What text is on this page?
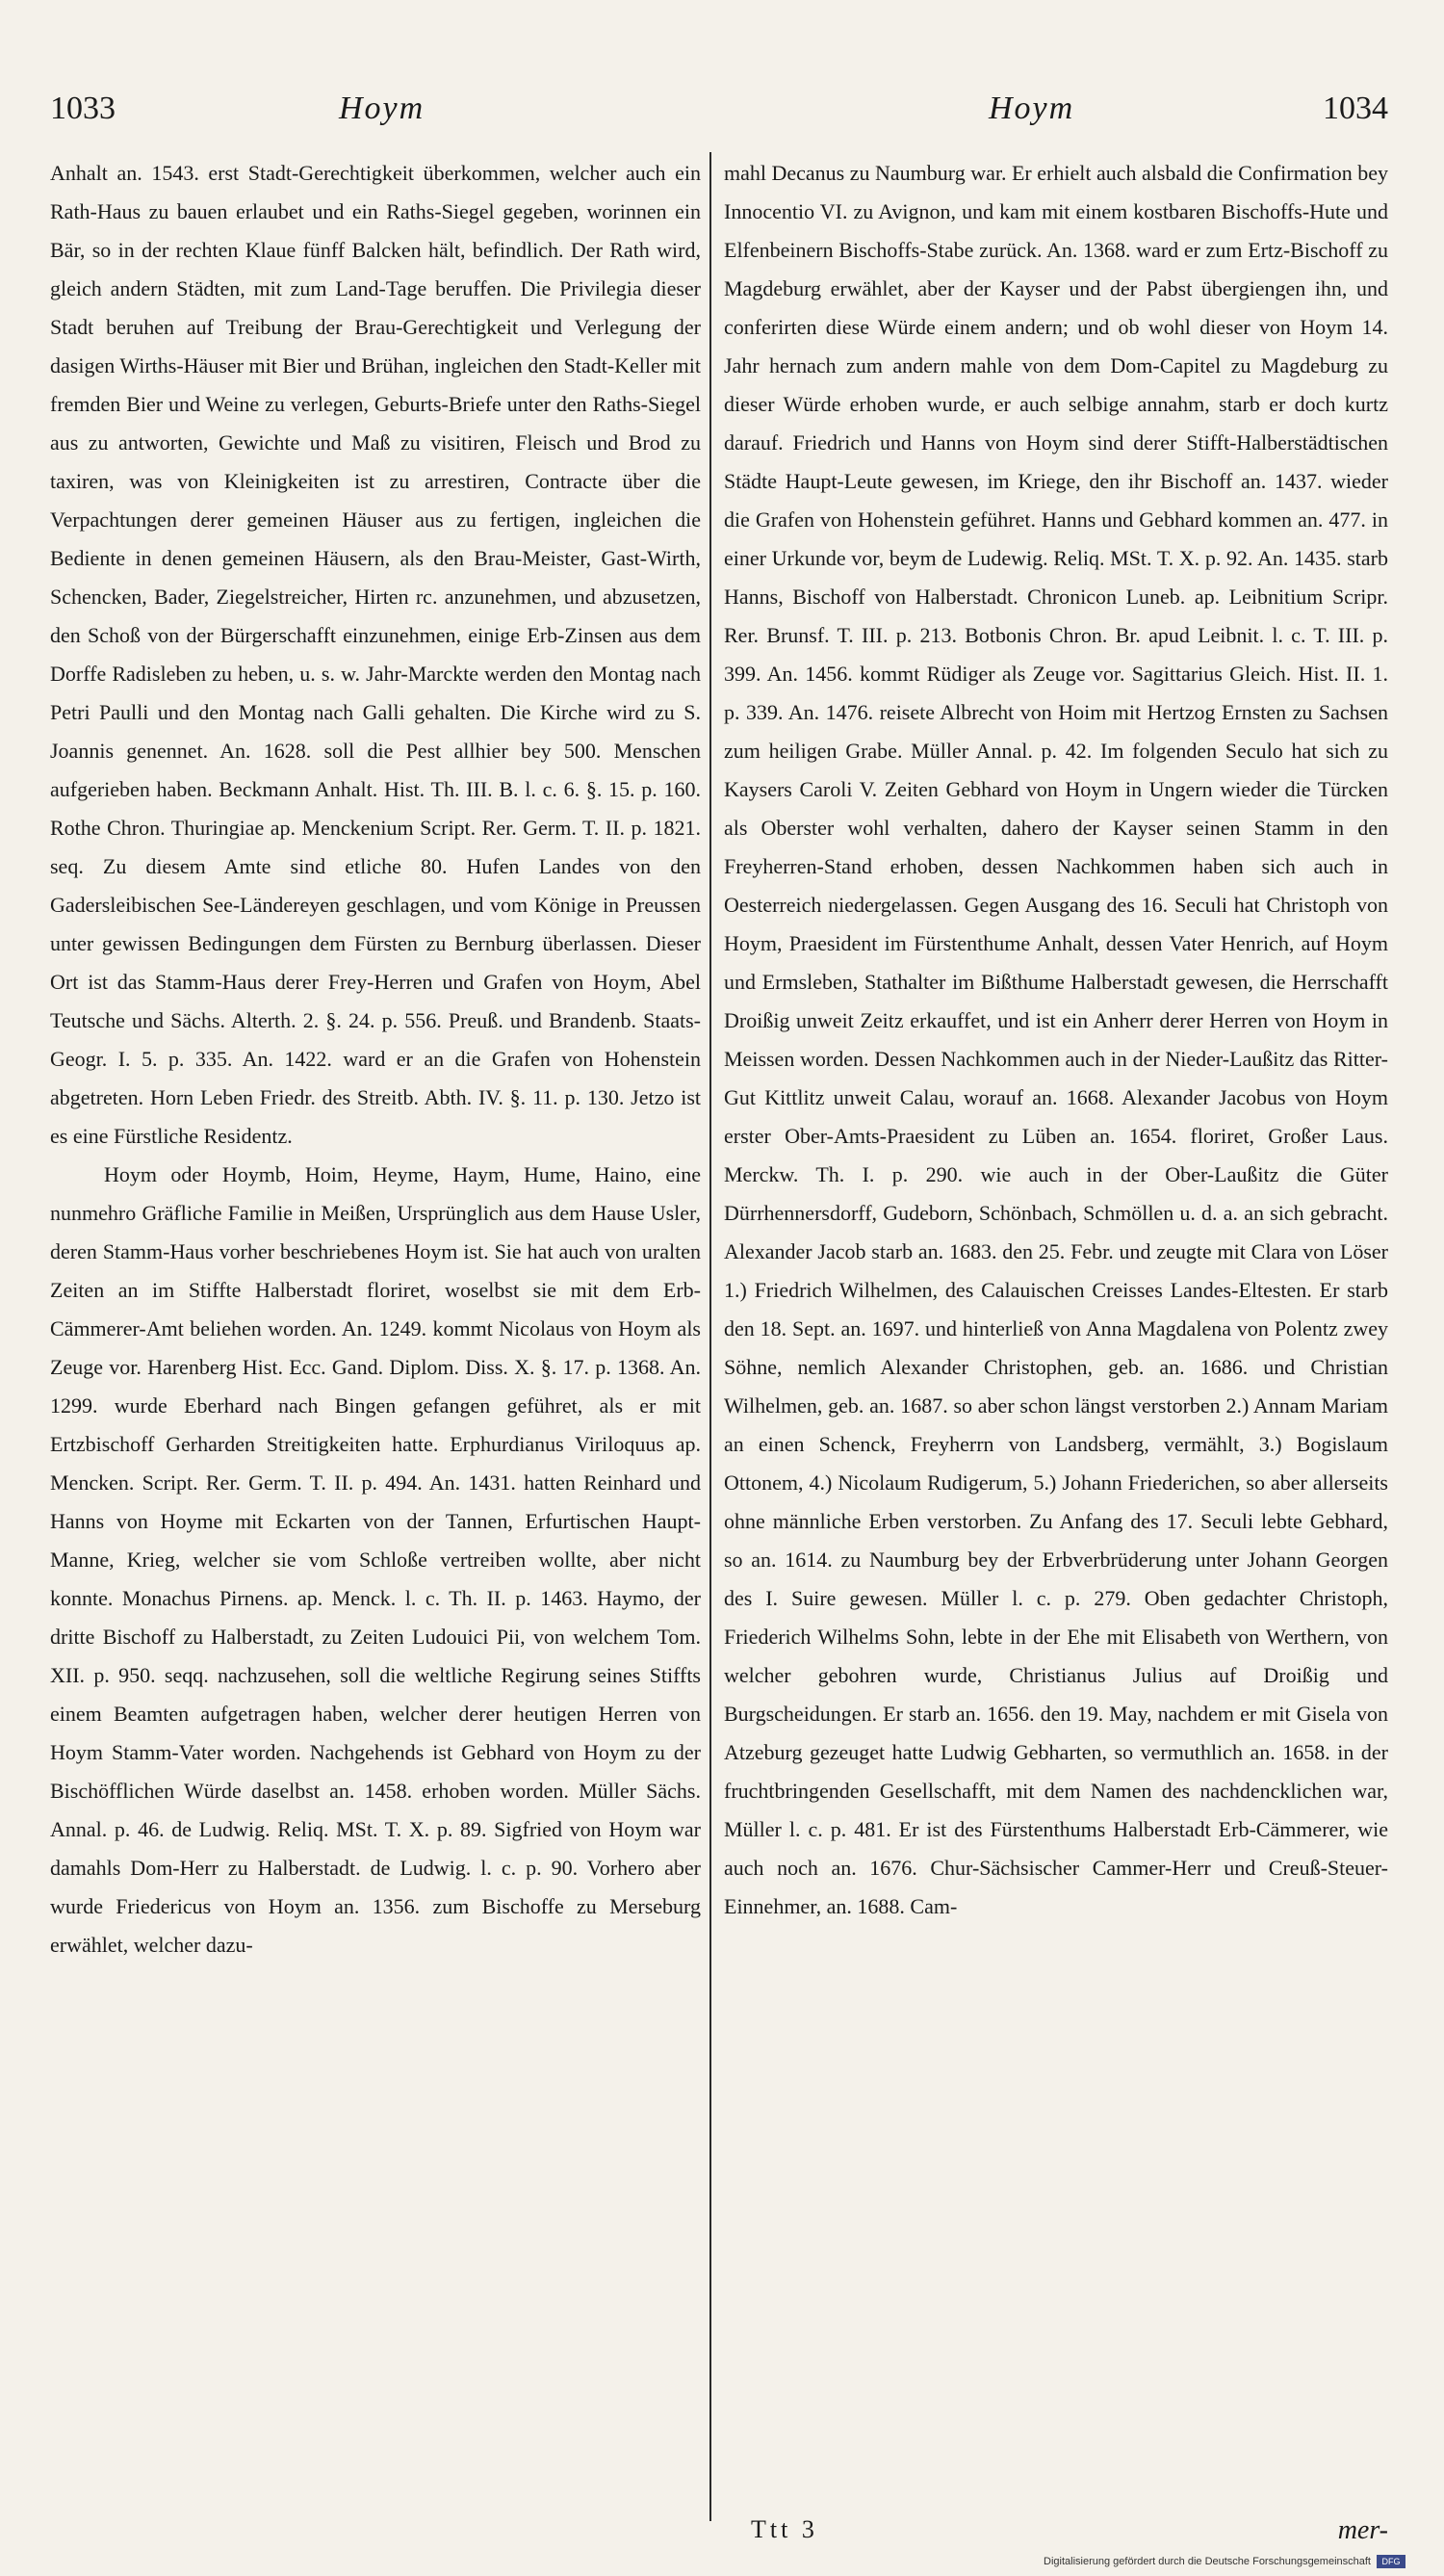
1033	Hoym	Hoym	1034

Anhalt an. 1543. erst Stadt-Gerechtigkeit überkommen, welcher auch ein Rath-Haus zu bauen erlaubet und ein Raths-Siegel gegeben, worinnen ein Bär, so in der rechten Klaue fünff Balcken hält, befindlich. Der Rath wird, gleich andern Städten, mit zum Land-Tage beruffen. Die Privilegia dieser Stadt beruhen auf Treibung der Brau-Gerechtigkeit und Verlegung der dasigen Wirths-Häuser mit Bier und Brühan, ingleichen den Stadt-Keller mit fremden Bier und Weine zu verlegen, Geburts-Briefe unter den Raths-Siegel aus zu antworten, Gewichte und Maß zu visitiren, Fleisch und Brod zu taxiren, was von Kleinigkeiten ist zu arrestiren, Contracte über die Verpachtungen derer gemeinen Häuser aus zu fertigen, ingleichen die Bediente in denen gemeinen Häusern, als den Brau-Meister, Gast-Wirth, Schencken, Bader, Ziegelstreicher, Hirten rc. anzunehmen, und abzusetzen, den Schoß von der Bürgerschafft einzunehmen, einige Erb-Zinsen aus dem Dorffe Radisleben zu heben, u. s. w. Jahr-Marckte werden den Montag nach Petri Paulli und den Montag nach Galli gehalten. Die Kirche wird zu S. Joannis genennet. An. 1628. soll die Pest allhier bey 500. Menschen aufgerieben haben. Beckmann Anhalt. Hist. Th. III. B. l. c. 6. §. 15. p. 160. Rothe Chron. Thuringiae ap. Menckenium Script. Rer. Germ. T. II. p. 1821. seq. Zu diesem Amte sind etliche 80. Hufen Landes von den Gadersleibischen See-Ländereyen geschlagen, und vom Könige in Preussen unter gewissen Bedingungen dem Fürsten zu Bernburg überlassen. Dieser Ort ist das Stamm-Haus derer Frey-Herren und Grafen von Hoym, Abel Teutsche und Sächs. Alterth. 2. §. 24. p. 556. Preuß. und Brandenb. Staats-Geogr. I. 5. p. 335. An. 1422. ward er an die Grafen von Hohenstein abgetreten. Horn Leben Friedr. des Streitb. Abth. IV. §. 11. p. 130. Jetzo ist es eine Fürstliche Residentz.

Hoym oder Hoymb, Hoim, Heyme, Haym, Hume, Haino, eine nunmehro Gräfliche Familie in Meißen, Ursprünglich aus dem Hause Usler, deren Stamm-Haus vorher beschriebenes Hoym ist. Sie hat auch von uralten Zeiten an im Stiffte Halberstadt floriret, woselbst sie mit dem Erb-Cämmerer-Amt beliehen worden. An. 1249. kommt Nicolaus von Hoym als Zeuge vor. Harenberg Hist. Ecc. Gand. Diplom. Diss. X. §. 17. p. 1368. An. 1299. wurde Eberhard nach Bingen gefangen geführet, als er mit Ertzbischoff Gerharden Streitigkeiten hatte. Erphurdianus Viriloquus ap. Mencken. Script. Rer. Germ. T. II. p. 494. An. 1431. hatten Reinhard und Hanns von Hoyme mit Eckarten von der Tannen, Erfurtischen Haupt-Manne, Krieg, welcher sie vom Schloße vertreiben wollte, aber nicht konnte. Monachus Pirnens. ap. Menck. l. c. Th. II. p. 1463. Haymo, der dritte Bischoff zu Halberstadt, zu Zeiten Ludouici Pii, von welchem Tom. XII. p. 950. seqq. nachzusehen, soll die weltliche Regirung seines Stiffts einem Beamten aufgetragen haben, welcher derer heutigen Herren von Hoym Stamm-Vater worden. Nachgehends ist Gebhard von Hoym zu der Bischöfflichen Würde daselbst an. 1458. erhoben worden. Müller Sächs. Annal. p. 46. de Ludwig. Reliq. MSt. T. X. p. 89. Sigfried von Hoym war damahls Dom-Herr zu Halberstadt. de Ludwig. l. c. p. 90. Vorhero aber wurde Friedericus von Hoym an. 1356. zum Bischoffe zu Merseburg erwählet, welcher dazu-

mahl Decanus zu Naumburg war. Er erhielt auch alsbald die Confirmation bey Innocentio VI. zu Avignon, und kam mit einem kostbaren Bischoffs-Hute und Elfenbeinern Bischoffs-Stabe zurück. An. 1368. ward er zum Ertz-Bischoff zu Magdeburg erwählet, aber der Kayser und der Pabst übergiengen ihn, und conferirten diese Würde einem andern; und ob wohl dieser von Hoym 14. Jahr hernach zum andern mahle von dem Dom-Capitel zu Magdeburg zu dieser Würde erhoben wurde, er auch selbige annahm, starb er doch kurtz darauf. Friedrich und Hanns von Hoym sind derer Stifft-Halberstädtischen Städte Haupt-Leute gewesen, im Kriege, den ihr Bischoff an. 1437. wieder die Grafen von Hohenstein geführet. Hanns und Gebhard kommen an. 477. in einer Urkunde vor, beym de Ludewig. Reliq. MSt. T. X. p. 92. An. 1435. starb Hanns, Bischoff von Halberstadt. Chronicon Luneb. ap. Leibnitium Scripr. Rer. Brunsf. T. III. p. 213. Botbonis Chron. Br. apud Leibnit. l. c. T. III. p. 399. An. 1456. kommt Rüdiger als Zeuge vor. Sagittarius Gleich. Hist. II. 1. p. 339. An. 1476. reisete Albrecht von Hoim mit Hertzog Ernsten zu Sachsen zum heiligen Grabe. Müller Annal. p. 42. Im folgenden Seculo hat sich zu Kaysers Caroli V. Zeiten Gebhard von Hoym in Ungern wieder die Türcken als Oberster wohl verhalten, dahero der Kayser seinen Stamm in den Freyherren-Stand erhoben, dessen Nachkommen haben sich auch in Oesterreich niedergelassen. Gegen Ausgang des 16. Seculi hat Christoph von Hoym, Praesident im Fürstenthume Anhalt, dessen Vater Henrich, auf Hoym und Ermsleben, Stathalter im Bißthume Halberstadt gewesen, die Herrschafft Droißig unweit Zeitz erkauffet, und ist ein Anherr derer Herren von Hoym in Meissen worden. Dessen Nachkommen auch in der Nieder-Laußitz das Ritter-Gut Kittlitz unweit Calau, worauf an. 1668. Alexander Jacobus von Hoym erster Ober-Amts-Praesident zu Lüben an. 1654. floriret, Großer Laus. Merckw. Th. I. p. 290. wie auch in der Ober-Laußitz die Güter Dürrhennersdorff, Gudeborn, Schönbach, Schmöllen u. d. a. an sich gebracht. Alexander Jacob starb an. 1683. den 25. Febr. und zeugte mit Clara von Löser 1.) Friedrich Wilhelmen, des Calauischen Creisses Landes-Eltesten. Er starb den 18. Sept. an. 1697. und hinterließ von Anna Magdalena von Polentz zwey Söhne, nemlich Alexander Christophen, geb. an. 1686. und Christian Wilhelmen, geb. an. 1687. so aber schon längst verstorben 2.) Annam Mariam an einen Schenck, Freyherrn von Landsberg, vermählt, 3.) Bogislaum Ottonem, 4.) Nicolaum Rudigerum, 5.) Johann Friederichen, so aber allerseits ohne männliche Erben verstorben. Zu Anfang des 17. Seculi lebte Gebhard, so an. 1614. zu Naumburg bey der Erbverbrüderung unter Johann Georgen des I. Suire gewesen. Müller l. c. p. 279. Oben gedachter Christoph, Friederich Wilhelms Sohn, lebte in der Ehe mit Elisabeth von Werthern, von welcher gebohren wurde, Christianus Julius auf Droißig und Burgscheidungen. Er starb an. 1656. den 19. May, nachdem er mit Gisela von Atzeburg gezeuget hatte Ludwig Gebharten, so vermuthlich an. 1658. in der fruchtbringenden Gesellschafft, mit dem Namen des nachdencklichen war, Müller l. c. p. 481. Er ist des Fürstenthums Halberstadt Erb-Cämmerer, wie auch noch an. 1676. Chur-Sächsischer Cammer-Herr und Creuß-Steuer-Einnehmer, an. 1688. Cam-

Ttt 3	mer-
Digitalisierung gefördert durch die Deutsche Forschungsgemeinschaft	DFG
